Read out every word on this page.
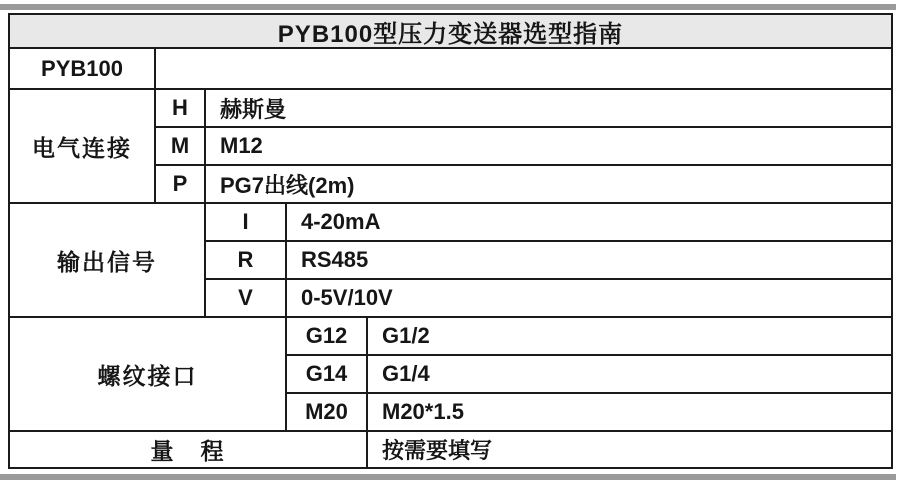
PYB100型压力变送器选型指南
PYB100
电气连接
H	赫斯曼
M	M12
P	PG7出线(2m)
输出信号
I	4-20mA
R	RS485
V	0-5V/10V
螺纹接口
G12	G1/2
G14	G1/4
M20	M20*1.5
量　程	按需要填写
